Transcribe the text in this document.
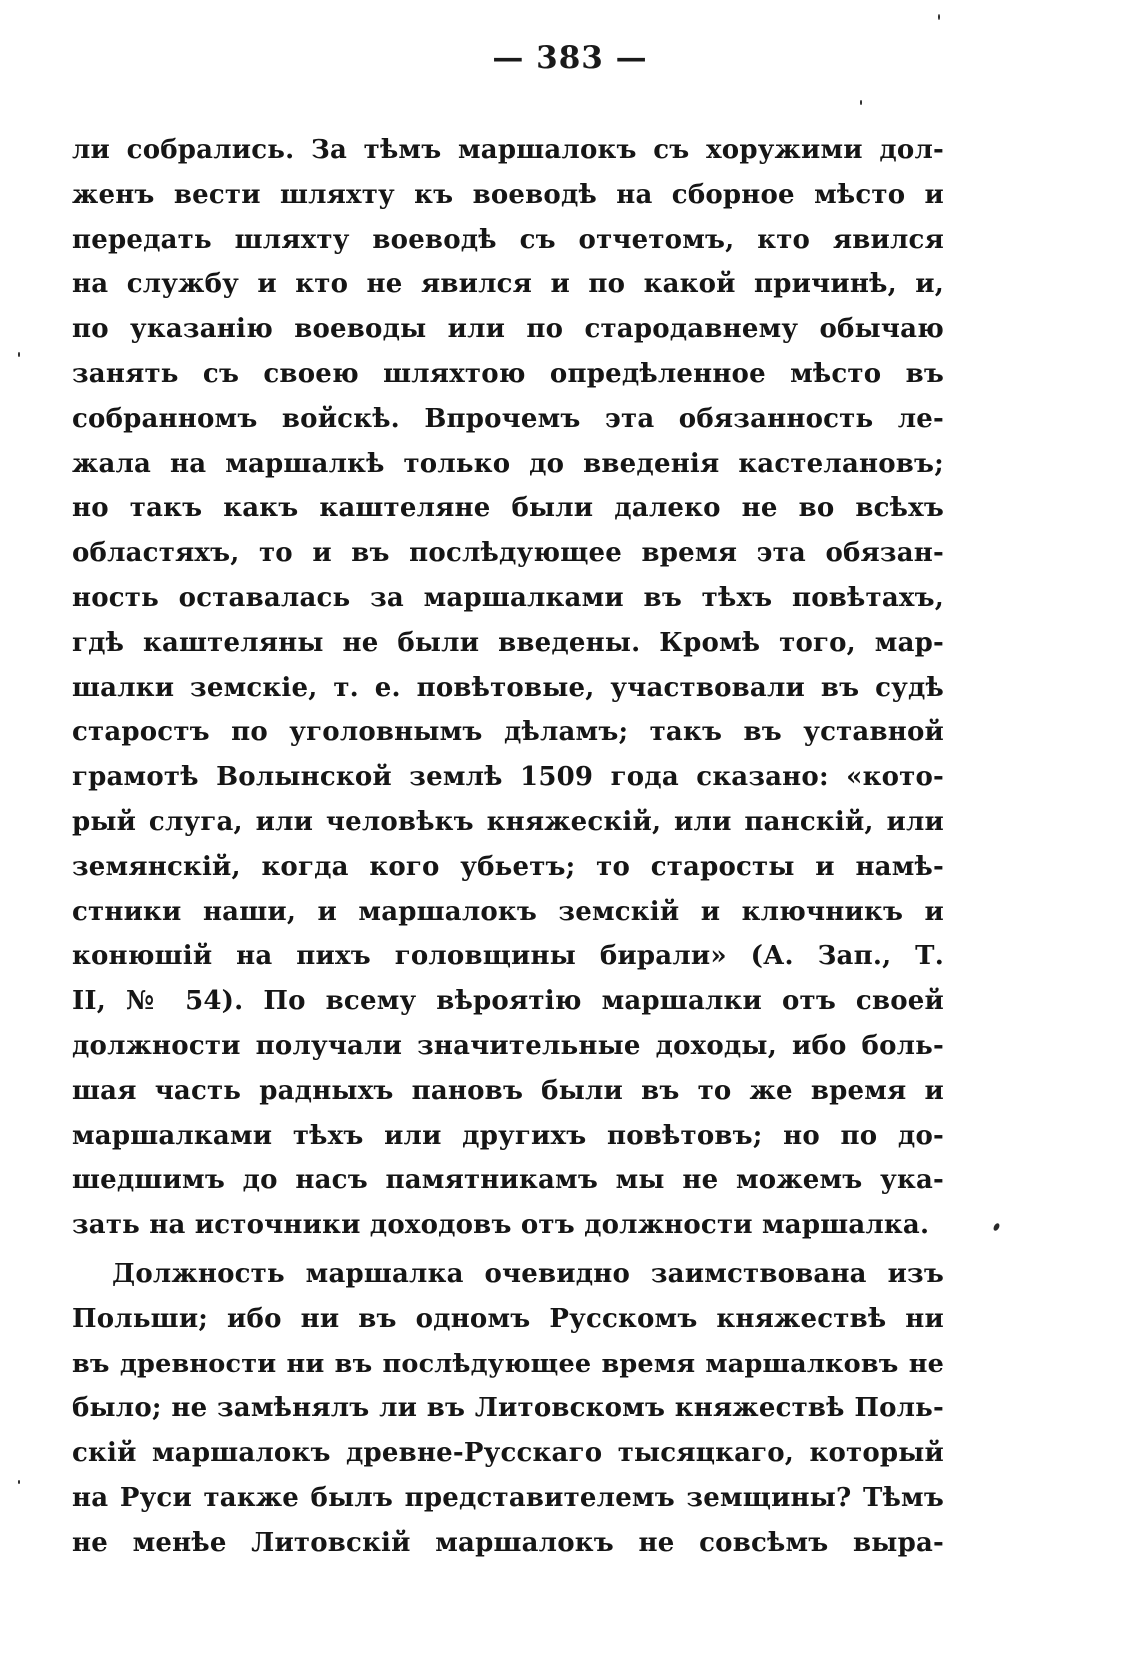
— 383 —
ли собрались. За тѣмъ маршалокъ съ хоружими дол-
женъ вести шляхту къ воеводѣ на сборное мѣсто и
передать шляхту воеводѣ съ отчетомъ, кто явился
на службу и кто не явился и по какой причинѣ, и,
по указанію воеводы или по стародавнему обычаю
занять съ своею шляхтою опредѣленное мѣсто въ
собранномъ войскѣ. Впрочемъ эта обязанность ле-
жала на маршалкѣ только до введенія кастелановъ;
но такъ какъ каштеляне были далеко не во всѣхъ
областяхъ, то и въ послѣдующее время эта обязан-
ность оставалась за маршалками въ тѣхъ повѣтахъ,
гдѣ каштеляны не были введены. Кромѣ того, мар-
шалки земскіе, т. е. повѣтовые, участвовали въ судѣ
старостъ по уголовнымъ дѣламъ; такъ въ уставной
грамотѣ Волынской землѣ 1509 года сказано: «кото-
рый слуга, или человѣкъ княжескій, или панскій, или
земянскій, когда кого убьетъ; то старосты и намѣ-
стники наши, и маршалокъ земскій и ключникъ и
конюшій на пихъ головщины бирали» (А. Зап., Т.
II, № 54). По всему вѣроятію маршалки отъ своей
должности получали значительные доходы, ибо боль-
шая часть радныхъ пановъ были въ то же время и
маршалками тѣхъ или другихъ повѣтовъ; но по до-
шедшимъ до насъ памятникамъ мы не можемъ ука-
зать на источники доходовъ отъ должности маршалка.
Должность маршалка очевидно заимствована изъ
Польши; ибо ни въ одномъ Русскомъ княжествѣ ни
въ древности ни въ послѣдующее время маршалковъ не
было; не замѣнялъ ли въ Литовскомъ княжествѣ Поль-
скій маршалокъ древне-Русскаго тысяцкаго, который
на Руси также былъ представителемъ земщины? Тѣмъ
не менѣе Литовскій маршалокъ не совсѣмъ выра-
